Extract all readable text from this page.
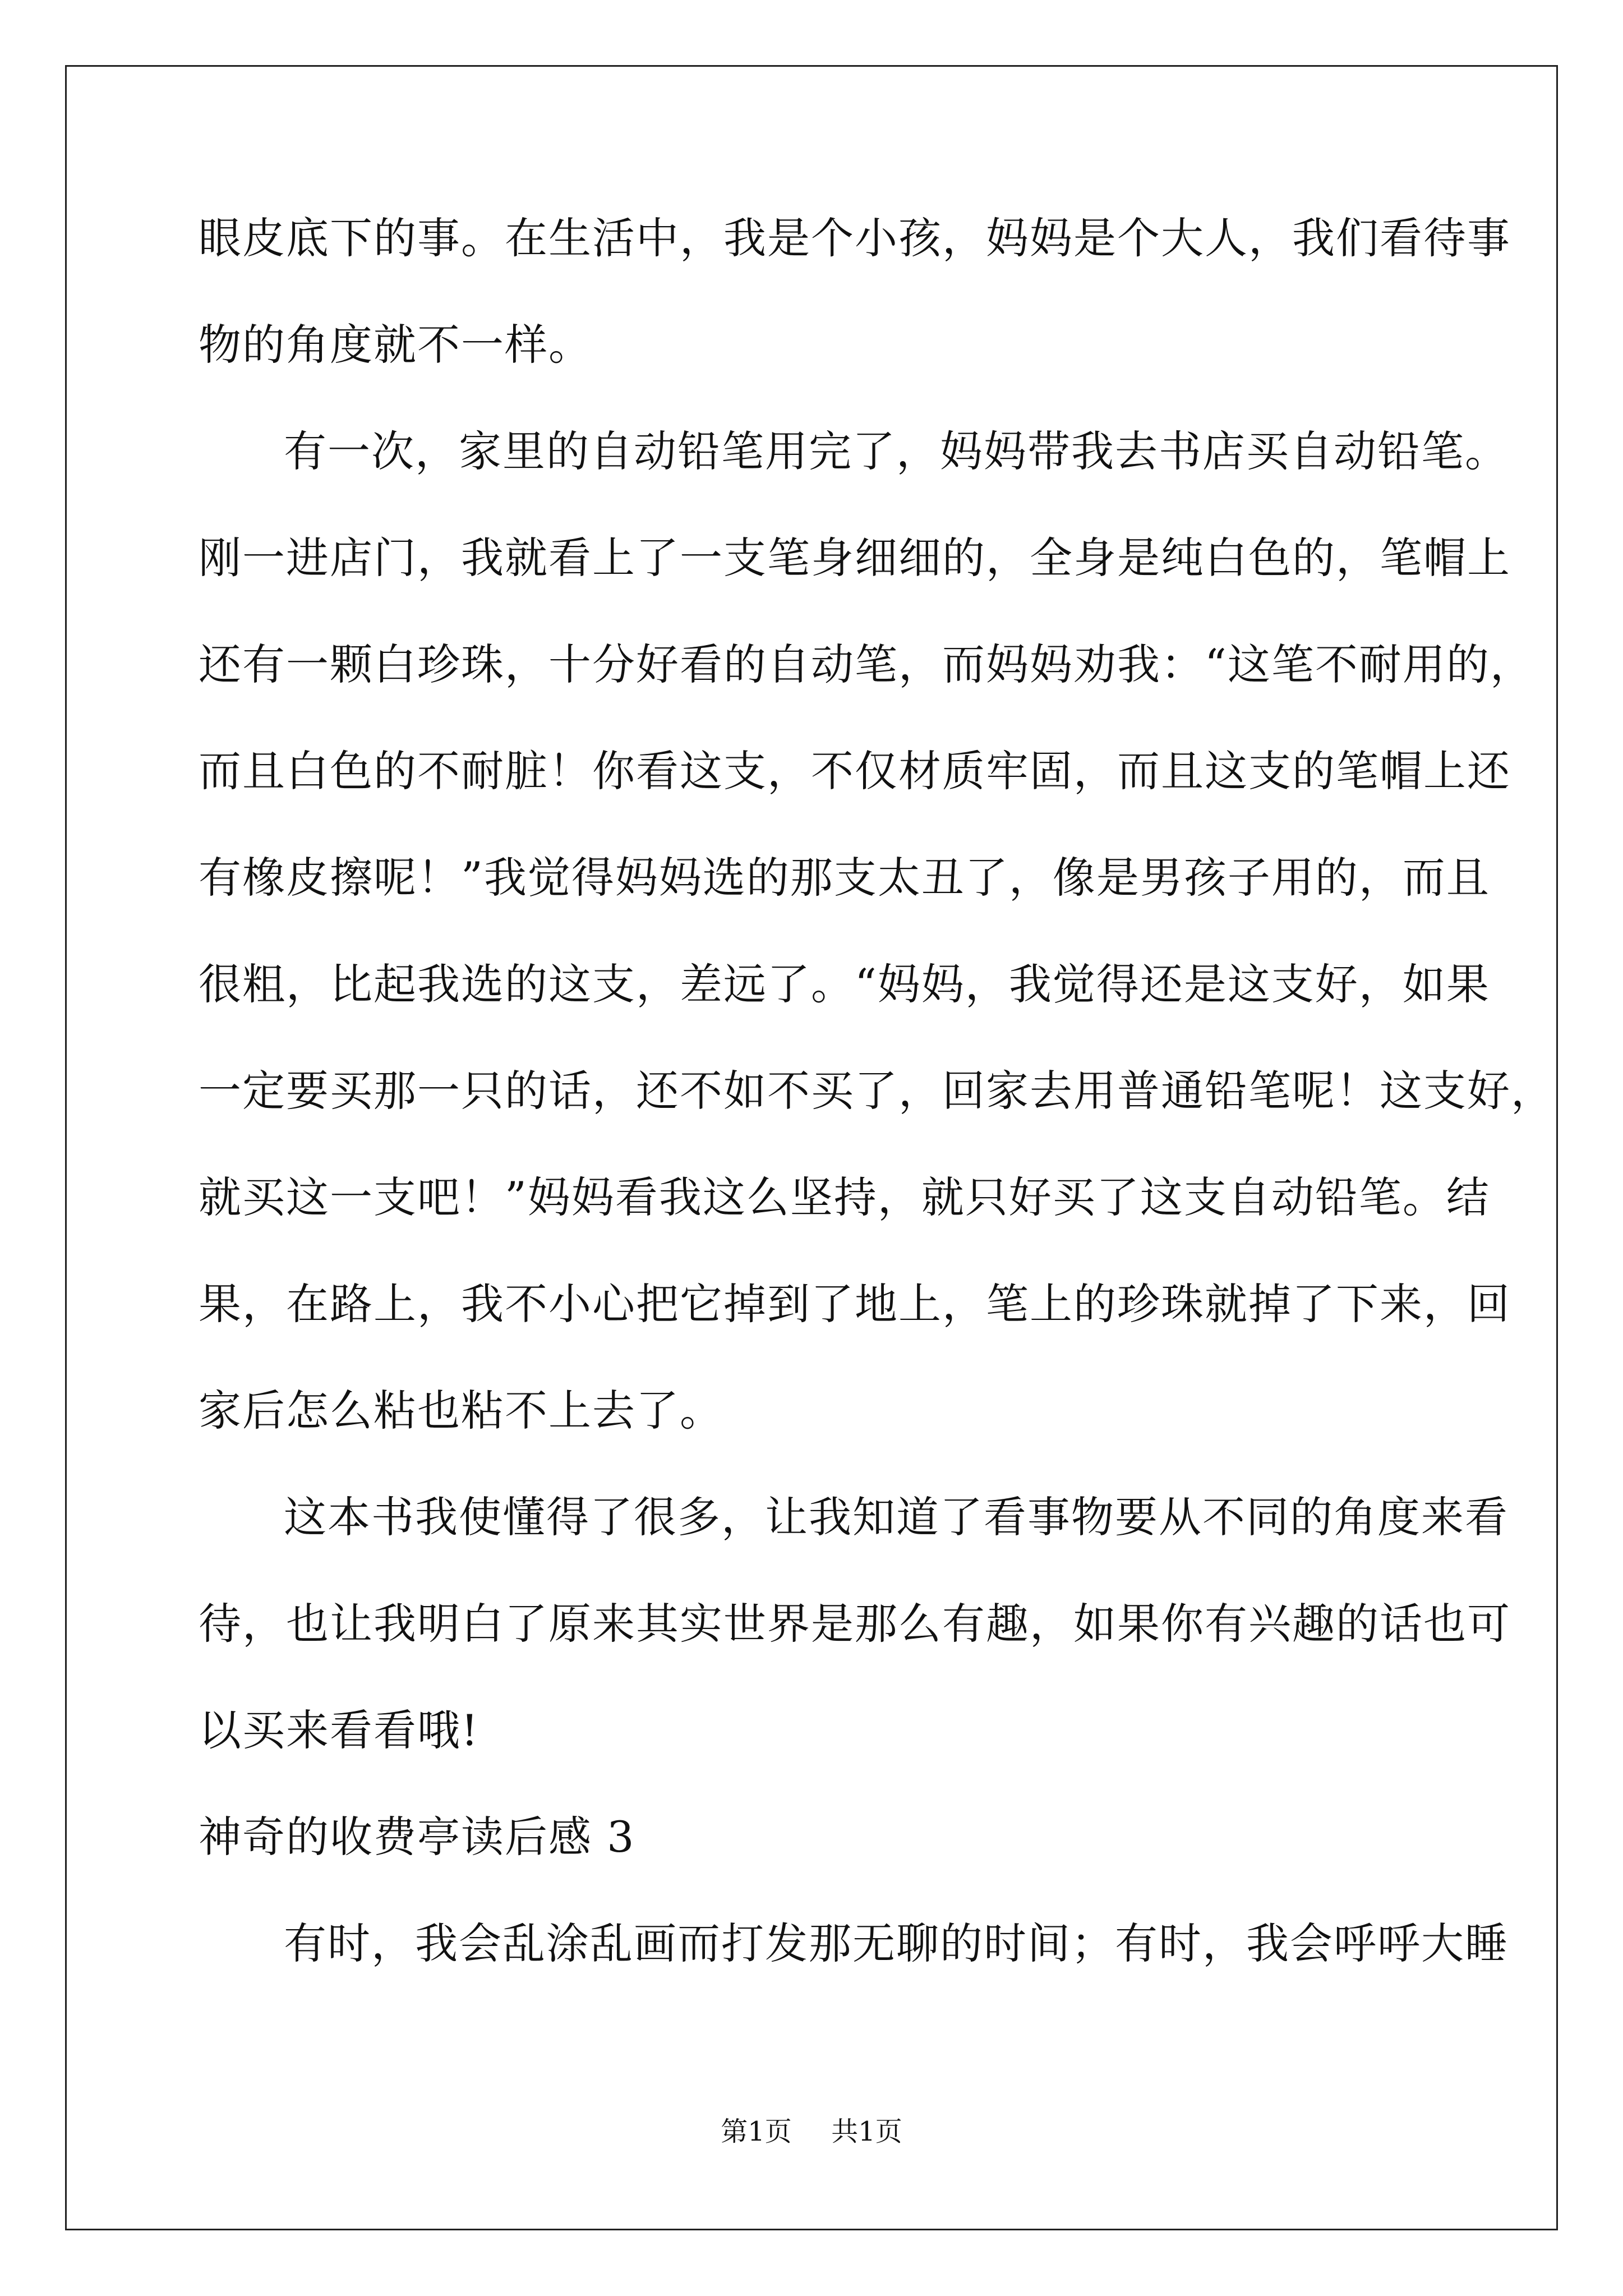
眼皮底下的事。在生活中，我是个小孩，妈妈是个大人，我们看待事
物的角度就不一样。
有一次，家里的自动铅笔用完了，妈妈带我去书店买自动铅笔。
刚一进店门，我就看上了一支笔身细细的，全身是纯白色的，笔帽上
还有一颗白珍珠，十分好看的自动笔，而妈妈劝我：“这笔不耐用的，
而且白色的不耐脏！你看这支，不仅材质牢固，而且这支的笔帽上还
有橡皮擦呢！”我觉得妈妈选的那支太丑了，像是男孩子用的，而且
很粗，比起我选的这支，差远了。“妈妈，我觉得还是这支好，如果
一定要买那一只的话，还不如不买了，回家去用普通铅笔呢！这支好，
就买这一支吧！”妈妈看我这么坚持，就只好买了这支自动铅笔。结
果，在路上，我不小心把它掉到了地上，笔上的珍珠就掉了下来，回
家后怎么粘也粘不上去了。
这本书我使懂得了很多，让我知道了看事物要从不同的角度来看
待，也让我明白了原来其实世界是那么有趣，如果你有兴趣的话也可
以买来看看哦!
神奇的收费亭读后感 3
有时，我会乱涂乱画而打发那无聊的时间；有时，我会呼呼大睡
第1页 共1页
